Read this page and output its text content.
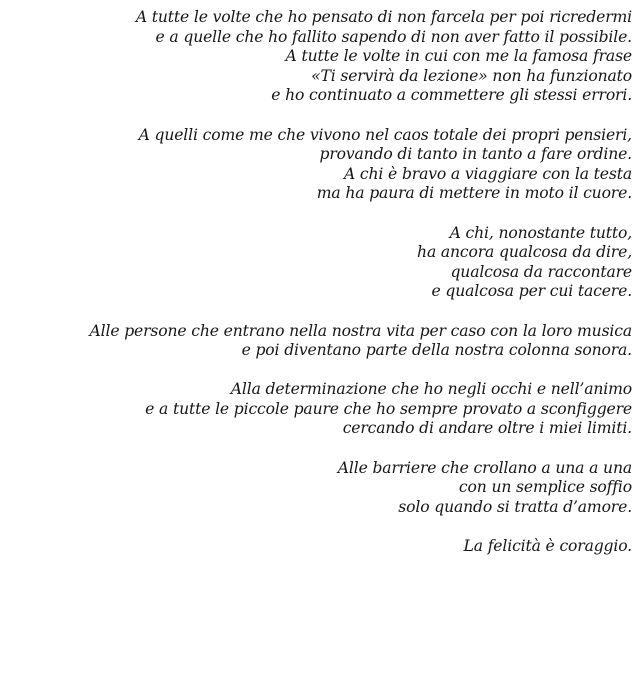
A tutte le volte che ho pensato di non farcela per poi ricredermi
e a quelle che ho fallito sapendo di non aver fatto il possibile.
A tutte le volte in cui con me la famosa frase
«Ti servirà da lezione» non ha funzionato
e ho continuato a commettere gli stessi errori.
A quelli come me che vivono nel caos totale dei propri pensieri,
provando di tanto in tanto a fare ordine.
A chi è bravo a viaggiare con la testa
ma ha paura di mettere in moto il cuore.
A chi, nonostante tutto,
ha ancora qualcosa da dire,
qualcosa da raccontare
e qualcosa per cui tacere.
Alle persone che entrano nella nostra vita per caso con la loro musica
e poi diventano parte della nostra colonna sonora.
Alla determinazione che ho negli occhi e nell’animo
e a tutte le piccole paure che ho sempre provato a sconfiggere
cercando di andare oltre i miei limiti.
Alle barriere che crollano a una a una
con un semplice soffio
solo quando si tratta d’amore.
La felicità è coraggio.
